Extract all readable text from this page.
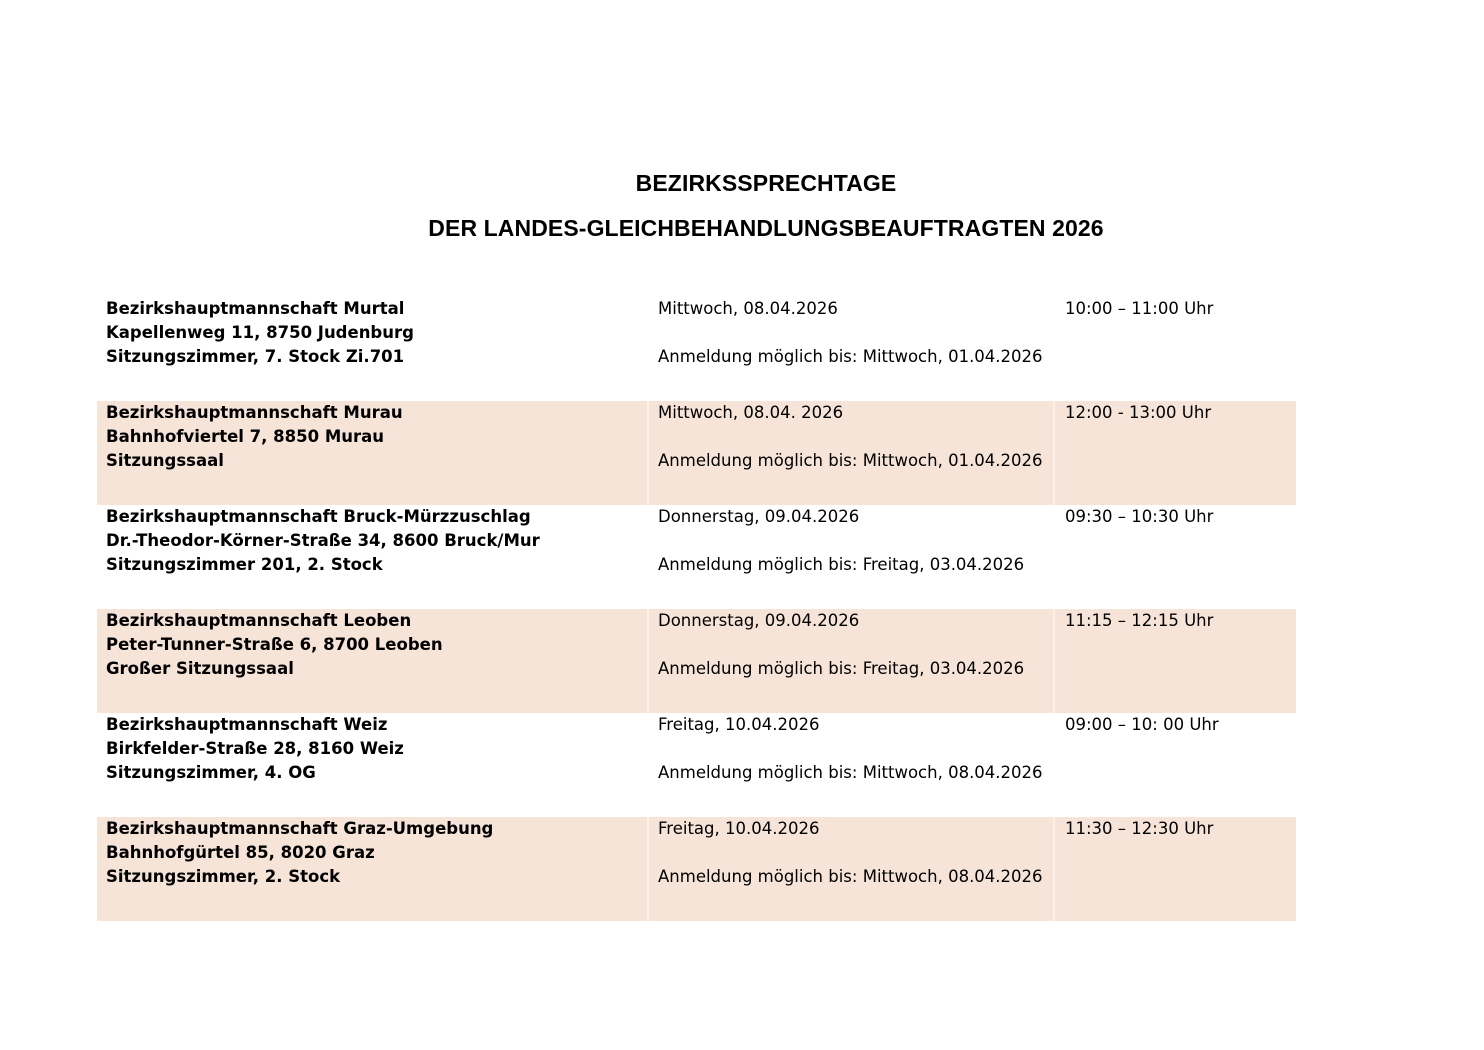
BEZIRKSSPRECHTAGE
DER LANDES-GLEICHBEHANDLUNGSBEAUFTRAGTEN 2026
Bezirkshauptmannschaft Murtal
Kapellenweg 11, 8750 Judenburg
Sitzungszimmer, 7. Stock Zi.701
Mittwoch, 08.04.2026
Anmeldung möglich bis: Mittwoch, 01.04.2026
10:00 – 11:00 Uhr
Bezirkshauptmannschaft Murau
Bahnhofviertel 7, 8850 Murau
Sitzungssaal
Mittwoch, 08.04. 2026
Anmeldung möglich bis: Mittwoch, 01.04.2026
12:00 - 13:00 Uhr
Bezirkshauptmannschaft Bruck-Mürzzuschlag
Dr.-Theodor-Körner-Straße 34, 8600 Bruck/Mur
Sitzungszimmer 201, 2. Stock
Donnerstag, 09.04.2026
Anmeldung möglich bis: Freitag, 03.04.2026
09:30 – 10:30 Uhr
Bezirkshauptmannschaft Leoben
Peter-Tunner-Straße 6, 8700 Leoben
Großer Sitzungssaal
Donnerstag, 09.04.2026
Anmeldung möglich bis: Freitag, 03.04.2026
11:15 – 12:15 Uhr
Bezirkshauptmannschaft Weiz
Birkfelder-Straße 28, 8160 Weiz
Sitzungszimmer, 4. OG
Freitag, 10.04.2026
Anmeldung möglich bis: Mittwoch, 08.04.2026
09:00 – 10: 00 Uhr
Bezirkshauptmannschaft Graz-Umgebung
Bahnhofgürtel 85, 8020 Graz
Sitzungszimmer, 2. Stock
Freitag, 10.04.2026
Anmeldung möglich bis: Mittwoch, 08.04.2026
11:30 – 12:30 Uhr
